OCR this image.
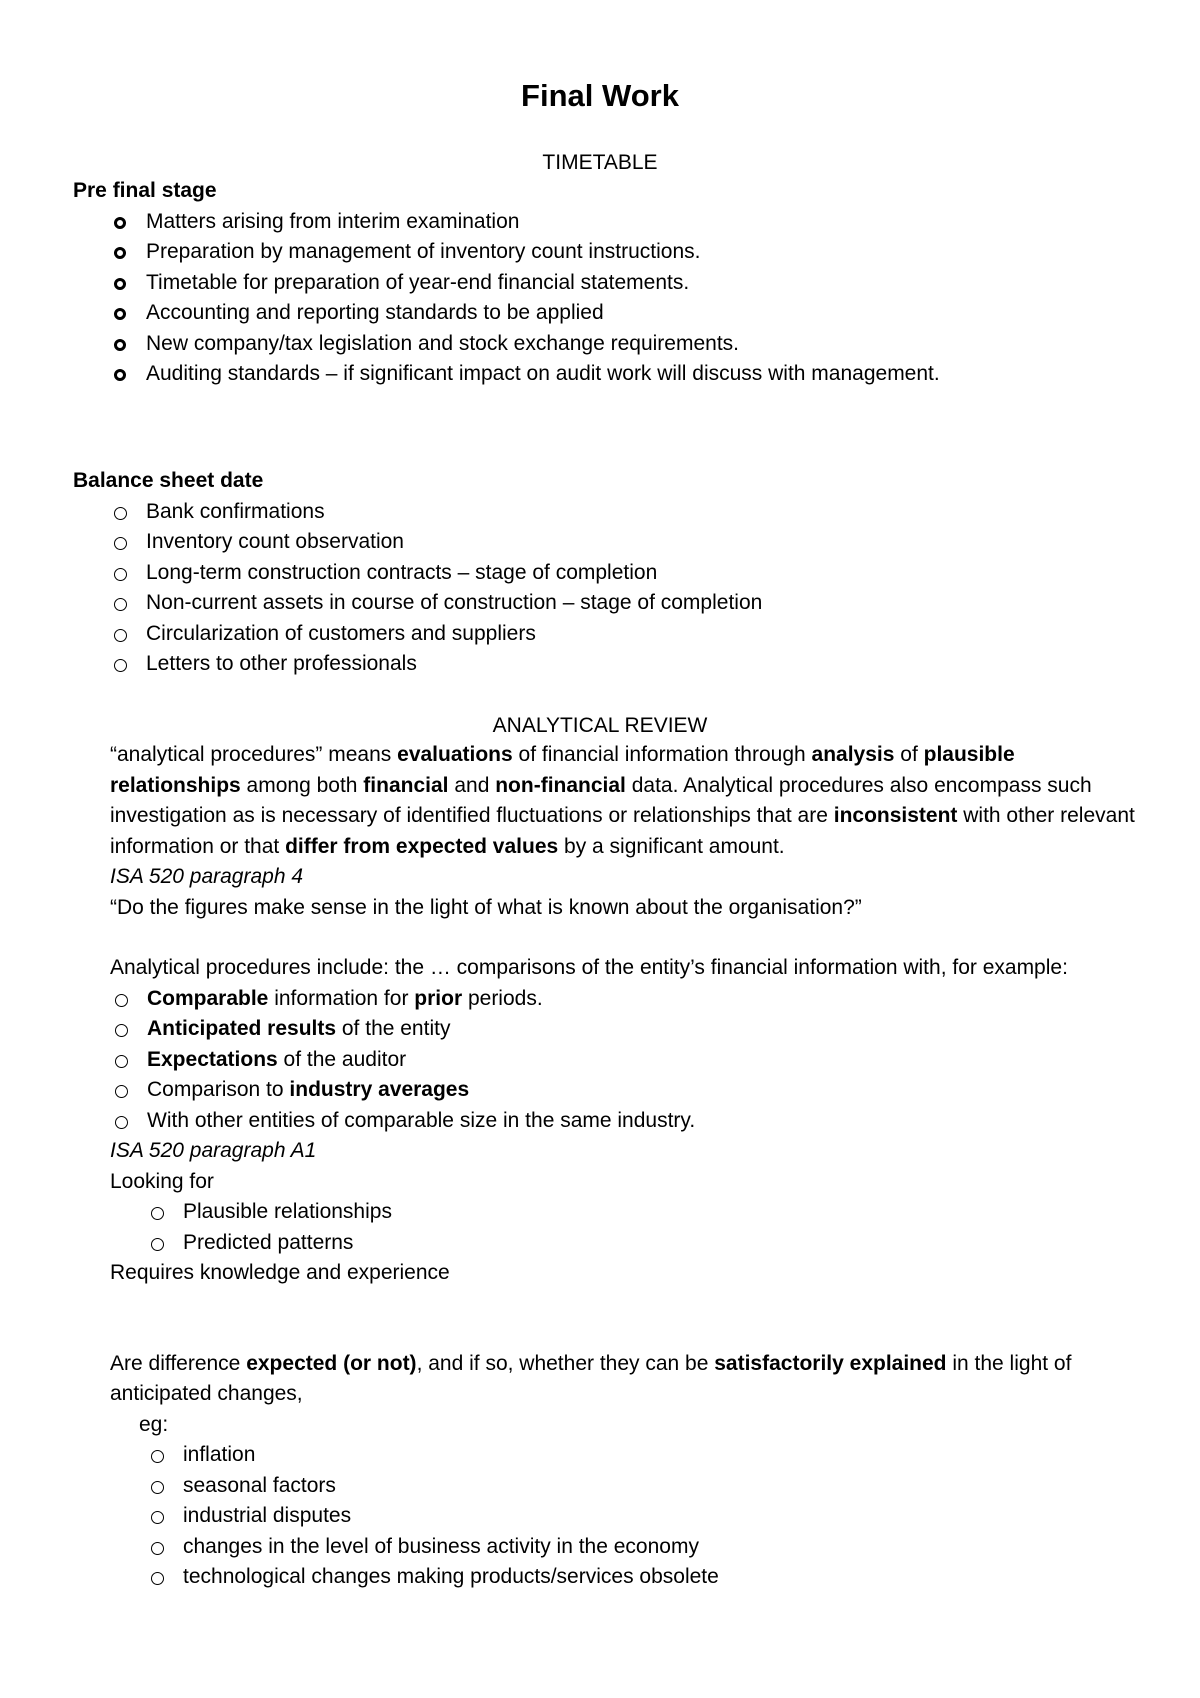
Final Work
TIMETABLE

Pre final stage

Matters arising from interim examination
Preparation by management of inventory count instructions.
Timetable for preparation of year-end financial statements.
Accounting and reporting standards to be applied
New company/tax legislation and stock exchange requirements.
Auditing standards – if significant impact on audit work will discuss with management.

Balance sheet date

Bank confirmations
Inventory count observation
Long-term construction contracts – stage of completion
Non-current assets in course of construction – stage of completion
Circularization of customers and suppliers
Letters to other professionals
ANALYTICAL REVIEW

“analytical procedures” means evaluations of financial information through analysis of plausible relationships among both financial and non-financial data. Analytical procedures also encompass such investigation as is necessary of identified fluctuations or relationships that are inconsistent with other relevant information or that differ from expected values by a significant amount.

ISA 520 paragraph 4

“Do the figures make sense in the light of what is known about the organisation?”

Analytical procedures include: the … comparisons of the entity’s financial information with, for example:

Comparable information for prior periods.
Anticipated results of the entity
Expectations of the auditor
Comparison to industry averages
With other entities of comparable size in the same industry.

ISA 520 paragraph A1

Looking for

Plausible relationships
Predicted patterns

Requires knowledge and experience

Are difference expected (or not), and if so, whether they can be satisfactorily explained in the light of anticipated changes,

eg:

inflation
seasonal factors
industrial disputes
changes in the level of business activity in the economy
technological changes making products/services obsolete
